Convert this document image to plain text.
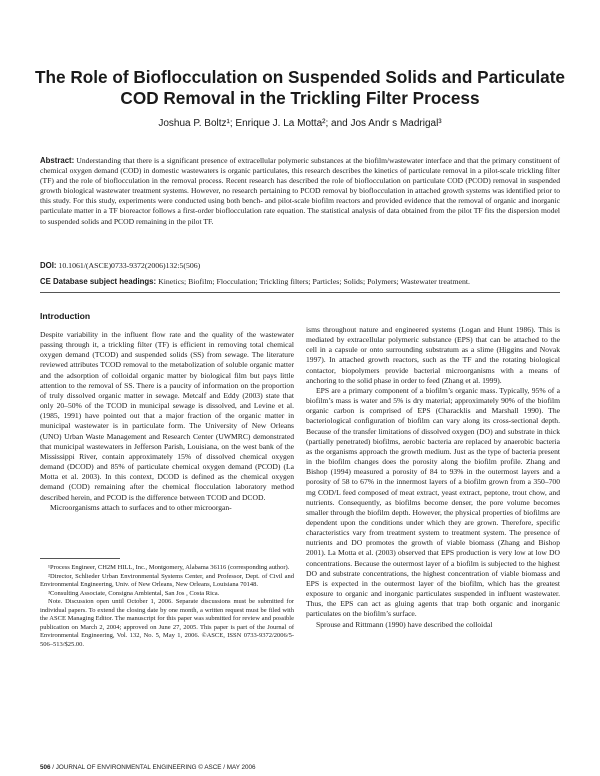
The Role of Bioflocculation on Suspended Solids and Particulate COD Removal in the Trickling Filter Process
Joshua P. Boltz¹; Enrique J. La Motta²; and Jos Andr s Madrigal³

Abstract: Understanding that there is a significant presence of extracellular polymeric substances at the biofilm/wastewater interface and that the primary constituent of chemical oxygen demand (COD) in domestic wastewaters is organic particulates, this research describes the kinetics of particulate removal in a pilot-scale trickling filter (TF) and the role of bioflocculation in the removal process. Recent research has described the role of bioflocculation on particulate COD (PCOD) removal in suspended growth biological wastewater treatment systems. However, no research pertaining to PCOD removal by bioflocculation in attached growth systems was identified prior to this study. For this study, experiments were conducted using both bench- and pilot-scale biofilm reactors and provided evidence that the removal of organic and inorganic particulate matter in a TF bioreactor follows a first-order bioflocculation rate equation. The statistical analysis of data obtained from the pilot TF fits the dispersion model to suspended solids and PCOD remaining in the pilot TF.

DOI: 10.1061/(ASCE)0733-9372(2006)132:5(506)
CE Database subject headings: Kinetics; Biofilm; Flocculation; Trickling filters; Particles; Solids; Polymers; Wastewater treatment.
Introduction

Despite variability in the influent flow rate and the quality of the wastewater passing through it, a trickling filter (TF) is efficient in removing total chemical oxygen demand (TCOD) and suspended solids (SS) from sewage. The literature reviewed attributes TCOD removal to the metabolization of soluble organic matter and the adsorption of colloidal organic matter by biological film but pays little attention to the removal of SS. There is a paucity of information on the proportion of truly dissolved organic matter in sewage. Metcalf and Eddy (2003) state that only 20–50% of the TCOD in municipal sewage is dissolved, and Levine et al. (1985, 1991) have pointed out that a major fraction of the organic matter in municipal wastewater is in particulate form. The University of New Orleans (UNO) Urban Waste Management and Research Center (UWMRC) demonstrated that municipal wastewaters in Jefferson Parish, Louisiana, on the west bank of the Mississippi River, contain approximately 15% of dissolved chemical oxygen demand (DCOD) and 85% of particulate chemical oxygen demand (PCOD) (La Motta et al. 2003). In this context, DCOD is defined as the chemical oxygen demand (COD) remaining after the chemical flocculation laboratory method described herein, and PCOD is the difference between TCOD and DCOD.

Microorganisms attach to surfaces and to other microorgan-

¹Process Engineer, CH2M HILL, Inc., Montgomery, Alabama 36116 (corresponding author).
²Director, Schlieder Urban Environmental Systems Center, and Professor, Dept. of Civil and Environmental Engineering, Univ. of New Orleans, New Orleans, Louisiana 70148.
³Consulting Associate, Consigna Ambiental, San Jos , Costa Rica.
Note. Discussion open until October 1, 2006. Separate discussions must be submitted for individual papers. To extend the closing date by one month, a written request must be filed with the ASCE Managing Editor. The manuscript for this paper was submitted for review and possible publication on March 2, 2004; approved on June 27, 2005. This paper is part of the Journal of Environmental Engineering, Vol. 132, No. 5, May 1, 2006. ©ASCE, ISSN 0733-9372/2006/5-506–513/$25.00.

isms throughout nature and engineered systems (Logan and Hunt 1986). This is mediated by extracellular polymeric substance (EPS) that can be attached to the cell in a capsule or onto surrounding substratum as a slime (Higgins and Novak 1997). In attached growth reactors, such as the TF and the rotating biological contactor, biopolymers provide bacterial microorganisms with a means of anchoring to the solid phase in order to feed (Zhang et al. 1999).

EPS are a primary component of a biofilm’s organic mass. Typically, 95% of a biofilm’s mass is water and 5% is dry material; approximately 90% of the biofilm organic carbon is comprised of EPS (Characklis and Marshall 1990). The bacteriological configuration of biofilm can vary along its cross-sectional depth. Because of the transfer limitations of dissolved oxygen (DO) and substrate in thick (partially penetrated) biofilms, aerobic bacteria are replaced by anaerobic bacteria as the organisms approach the growth medium. Just as the type of bacteria present in the biofilm changes does the porosity along the biofilm profile. Zhang and Bishop (1994) measured a porosity of 84 to 93% in the outermost layers and a porosity of 58 to 67% in the innermost layers of a biofilm grown from a 350–700 mg COD/L feed composed of meat extract, yeast extract, peptone, trout chow, and nutrients. Consequently, as biofilms become denser, the pore volume becomes smaller through the biofilm depth. However, the physical properties of biofilms are dependent upon the conditions under which they are grown. Therefore, specific characteristics vary from treatment system to treatment system. The presence of nutrients and DO promotes the growth of viable biomass (Zhang and Bishop 2001). La Motta et al. (2003) observed that EPS production is very low at low DO concentrations. Because the outermost layer of a biofilm is subjected to the highest DO and substrate concentrations, the highest concentration of viable biomass and EPS is expected in the outermost layer of the biofilm, which has the greatest exposure to organic and inorganic particulates suspended in influent wastewater. Thus, the EPS can act as gluing agents that trap both organic and inorganic particulates on the biofilm’s surface.

Sprouse and Rittmann (1990) have described the colloidal

506 / JOURNAL OF ENVIRONMENTAL ENGINEERING © ASCE / MAY 2006
